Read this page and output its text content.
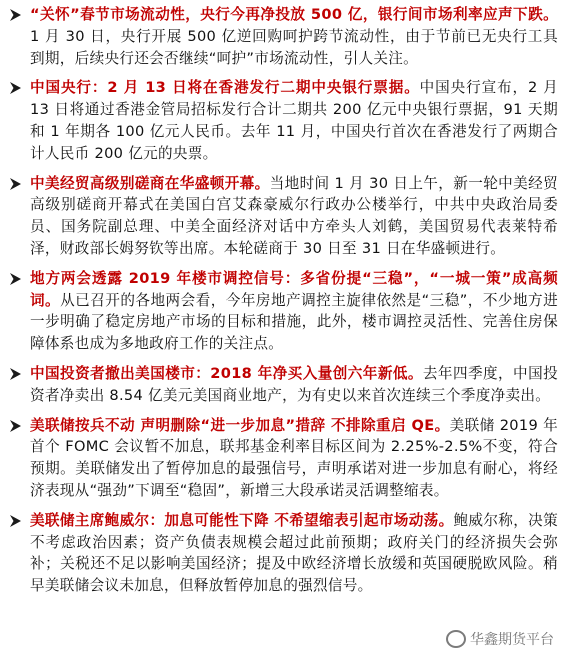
“关怀”春节市场流动性，央行今再净投放 500 亿，银行间市场利率应声下跌。1 月 30 日，央行开展 500 亿逆回购呵护跨节流动性，由于节前已无央行工具到期，后续央行还会否继续“呵护”市场流动性，引人关注。
中国央行：2 月 13 日将在香港发行二期中央银行票据。中国央行宣布，2 月 13 日将通过香港金管局招标发行合计二期共 200 亿元中央银行票据，91 天期和 1 年期各 100 亿元人民币。去年 11 月，中国央行首次在香港发行了两期合计人民币 200 亿元的央票。
中美经贸高级别磋商在华盛顿开幕。当地时间 1 月 30 日上午，新一轮中美经贸高级别磋商开幕式在美国白宫艾森豪威尔行政办公楼举行，中共中央政治局委员、国务院副总理、中美全面经济对话中方牵头人刘鹤，美国贸易代表莱特希泽，财政部长姆努钦等出席。本轮磋商于 30 日至 31 日在华盛顿进行。
地方两会透露 2019 年楼市调控信号：多省份提“三稳”，“一城一策”成高频词。从已召开的各地两会看，今年房地产调控主旋律依然是“三稳”，不少地方进一步明确了稳定房地产市场的目标和措施，此外，楼市调控灵活性、完善住房保障体系也成为多地政府工作的关注点。
中国投资者撤出美国楼市：2018 年净买入量创六年新低。去年四季度，中国投资者净卖出 8.54 亿美元美国商业地产，为有史以来首次连续三个季度净卖出。
美联储按兵不动 声明删除“进一步加息”措辞 不排除重启 QE。美联储 2019 年首个 FOMC 会议暂不加息，联邦基金利率目标区间为 2.25%-2.5%不变，符合预期。美联储发出了暂停加息的最强信号，声明承诺对进一步加息有耐心，将经济表现从“强劲”下调至“稳固”，新增三大段承诺灵活调整缩表。
美联储主席鲍威尔：加息可能性下降 不希望缩表引起市场动荡。鲍威尔称，决策不考虑政治因素；资产负债表规模会超过此前预期；政府关门的经济损失会弥补；关税还不足以影响美国经济；提及中欧经济增长放缓和英国硬脱欧风险。稍早美联储会议未加息，但释放暂停加息的强烈信号。
华鑫期货平台
